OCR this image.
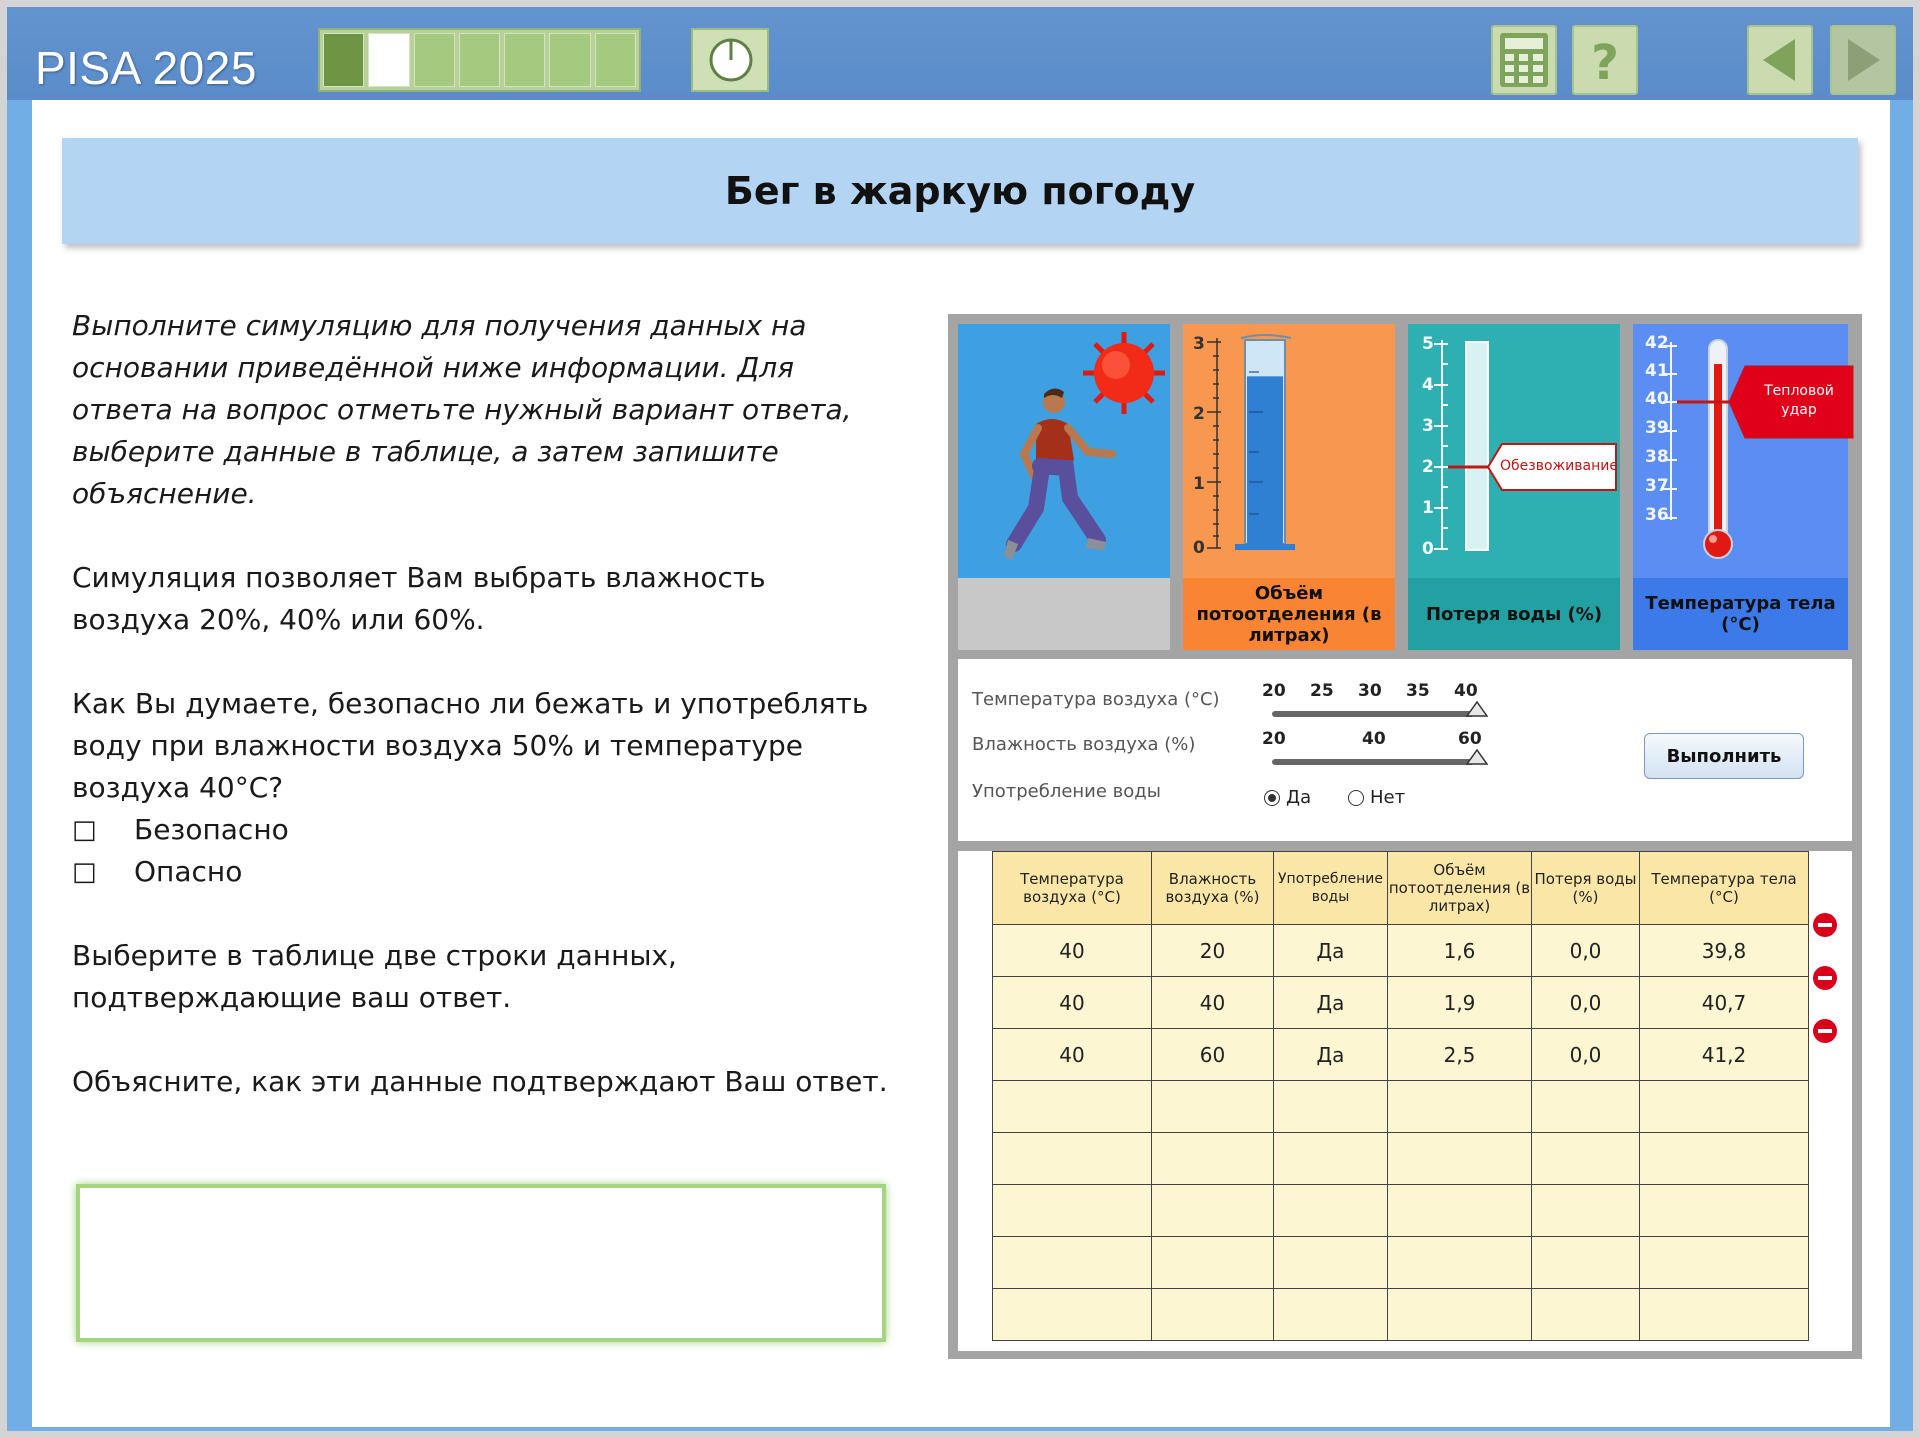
PISA 2025	?
Бег в жаркую погоду

Выполните симуляцию для получения данных на основании приведённой ниже информации. Для ответа на вопрос отметьте нужный вариант ответа, выберите данные в таблице, а затем запишите объяснение.

Симуляция позволяет Вам выбрать влажность воздуха 20%, 40% или 60%.

Как Вы думаете, безопасно ли бежать и употреблять воду при влажности воздуха 50% и температуре воздуха 40°C?

□	Безопасно
□	Опасно

Выберите в таблице две строки данных, подтверждающие ваш ответ.

Объясните, как эти данные подтверждают Ваш ответ.

3
2
1
0
Объём потоотделения (в литрах)
5
4
3
2
1
0
Обезвоживание
Потеря воды (%)
42
41
40
39
38
37
36
Тепловой
удар
Температура тела (°C)
Температура воздуха (°C)
Влажность воздуха (%)
Употребление воды
20 25 30 35 40
20	40	60
Да	Нет
Выполнить
Температура воздуха (°C)	Влажность воздуха (%)	Употребление воды	Объём потоотделения (в литрах)	Потеря воды (%)	Температура тела (°C)
40	20	Да	1,6	0,0	39,8
40	40	Да	1,9	0,0	40,7
40	60	Да	2,5	0,0	41,2
